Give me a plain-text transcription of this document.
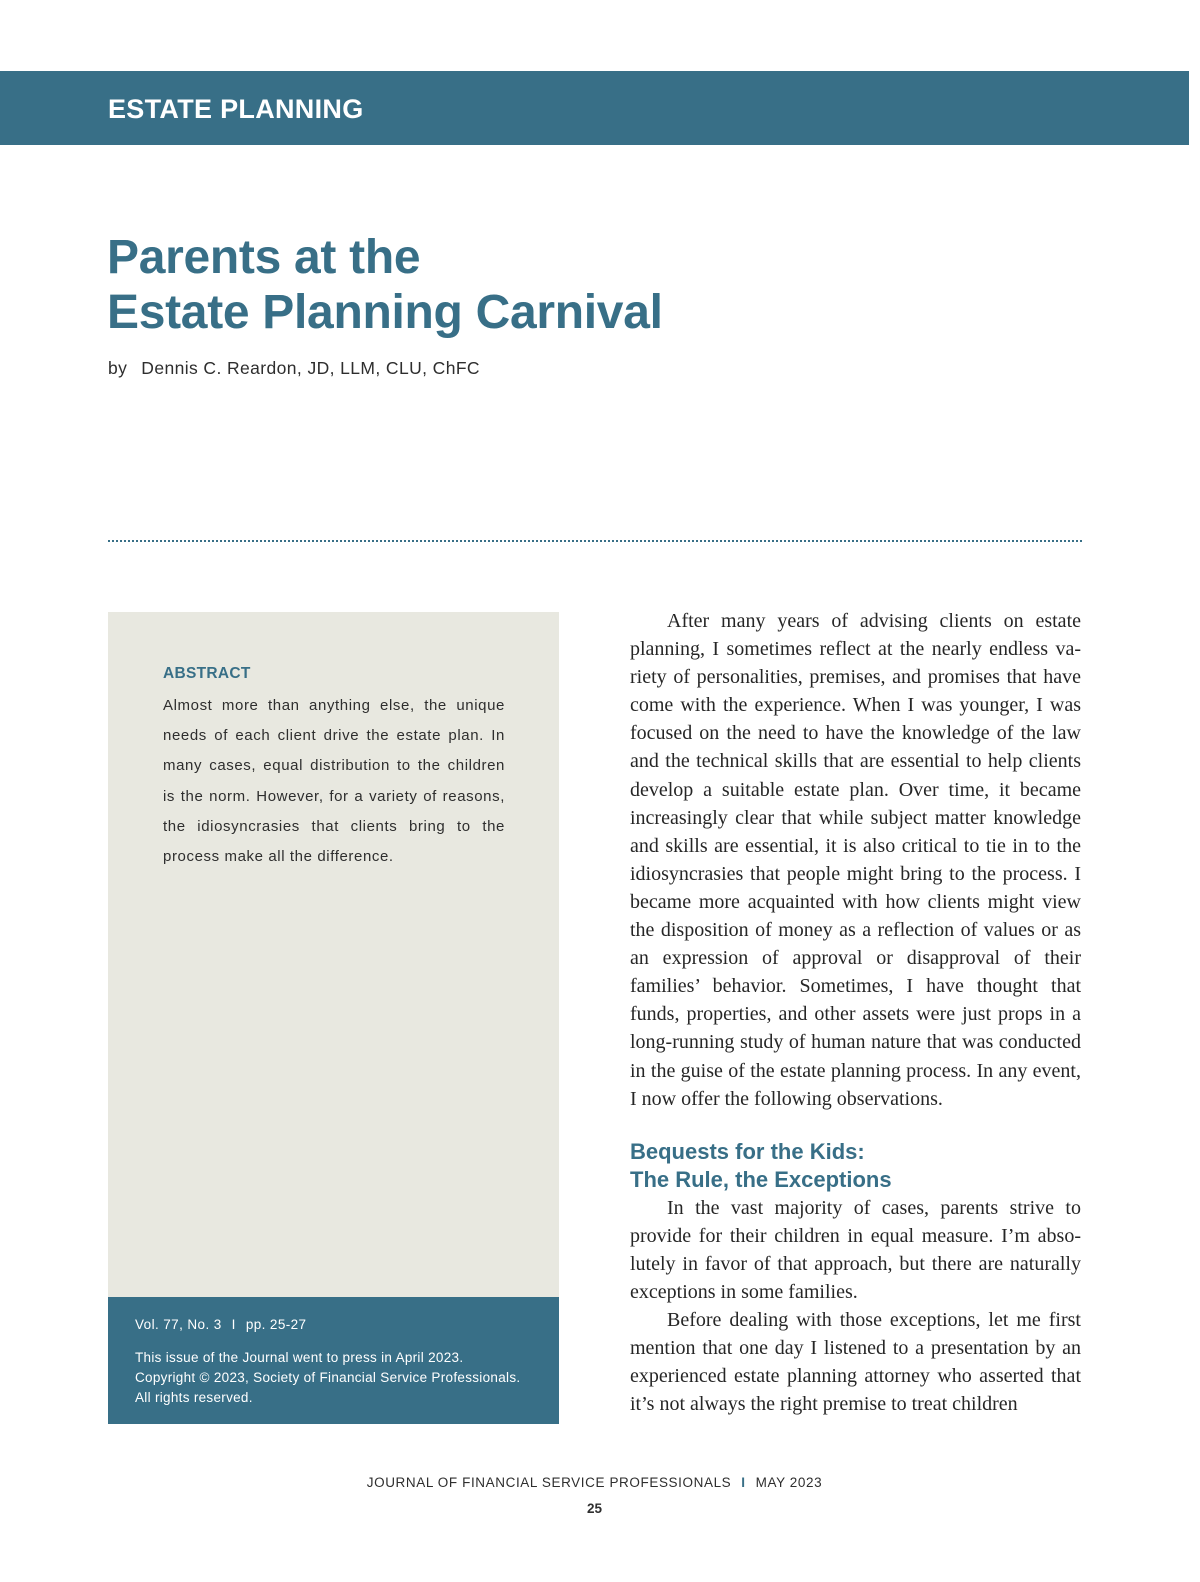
ESTATE PLANNING
Parents at the
Estate Planning Carnival
by Dennis C. Reardon, JD, LLM, CLU, ChFC
ABSTRACT

Almost more than anything else, the unique needs of each client drive the estate plan. In many cases, equal distribution to the children is the norm. However, for a variety of reasons, the idiosyncrasies that clients bring to the process make all the difference.

Vol. 77, No. 3 I pp. 25-27

This issue of the Journal went to press in April 2023.
Copyright © 2023, Society of Financial Service Professionals.
All rights reserved.

After many years of advising clients on estate planning, I sometimes reflect at the nearly endless variety of personalities, premises, and promises that have come with the experience. When I was younger, I was focused on the need to have the knowledge of the law and the technical skills that are essential to help clients develop a suitable estate plan. Over time, it became increasingly clear that while subject matter knowledge and skills are essential, it is also critical to tie in to the idiosyncrasies that people might bring to the process. I became more acquainted with how clients might view the disposition of money as a reflection of values or as an expression of approval or disapproval of their families’ behavior. Sometimes, I have thought that funds, properties, and other assets were just props in a long-running study of human nature that was conducted in the guise of the estate planning process. In any event, I now offer the following observations.

Bequests for the Kids:
The Rule, the Exceptions

In the vast majority of cases, parents strive to provide for their children in equal measure. I’m absolutely in favor of that approach, but there are naturally exceptions in some families.

Before dealing with those exceptions, let me first mention that one day I listened to a presentation by an experienced estate planning attorney who asserted that it’s not always the right premise to treat children

JOURNAL OF FINANCIAL SERVICE PROFESSIONALS I MAY 2023
25
